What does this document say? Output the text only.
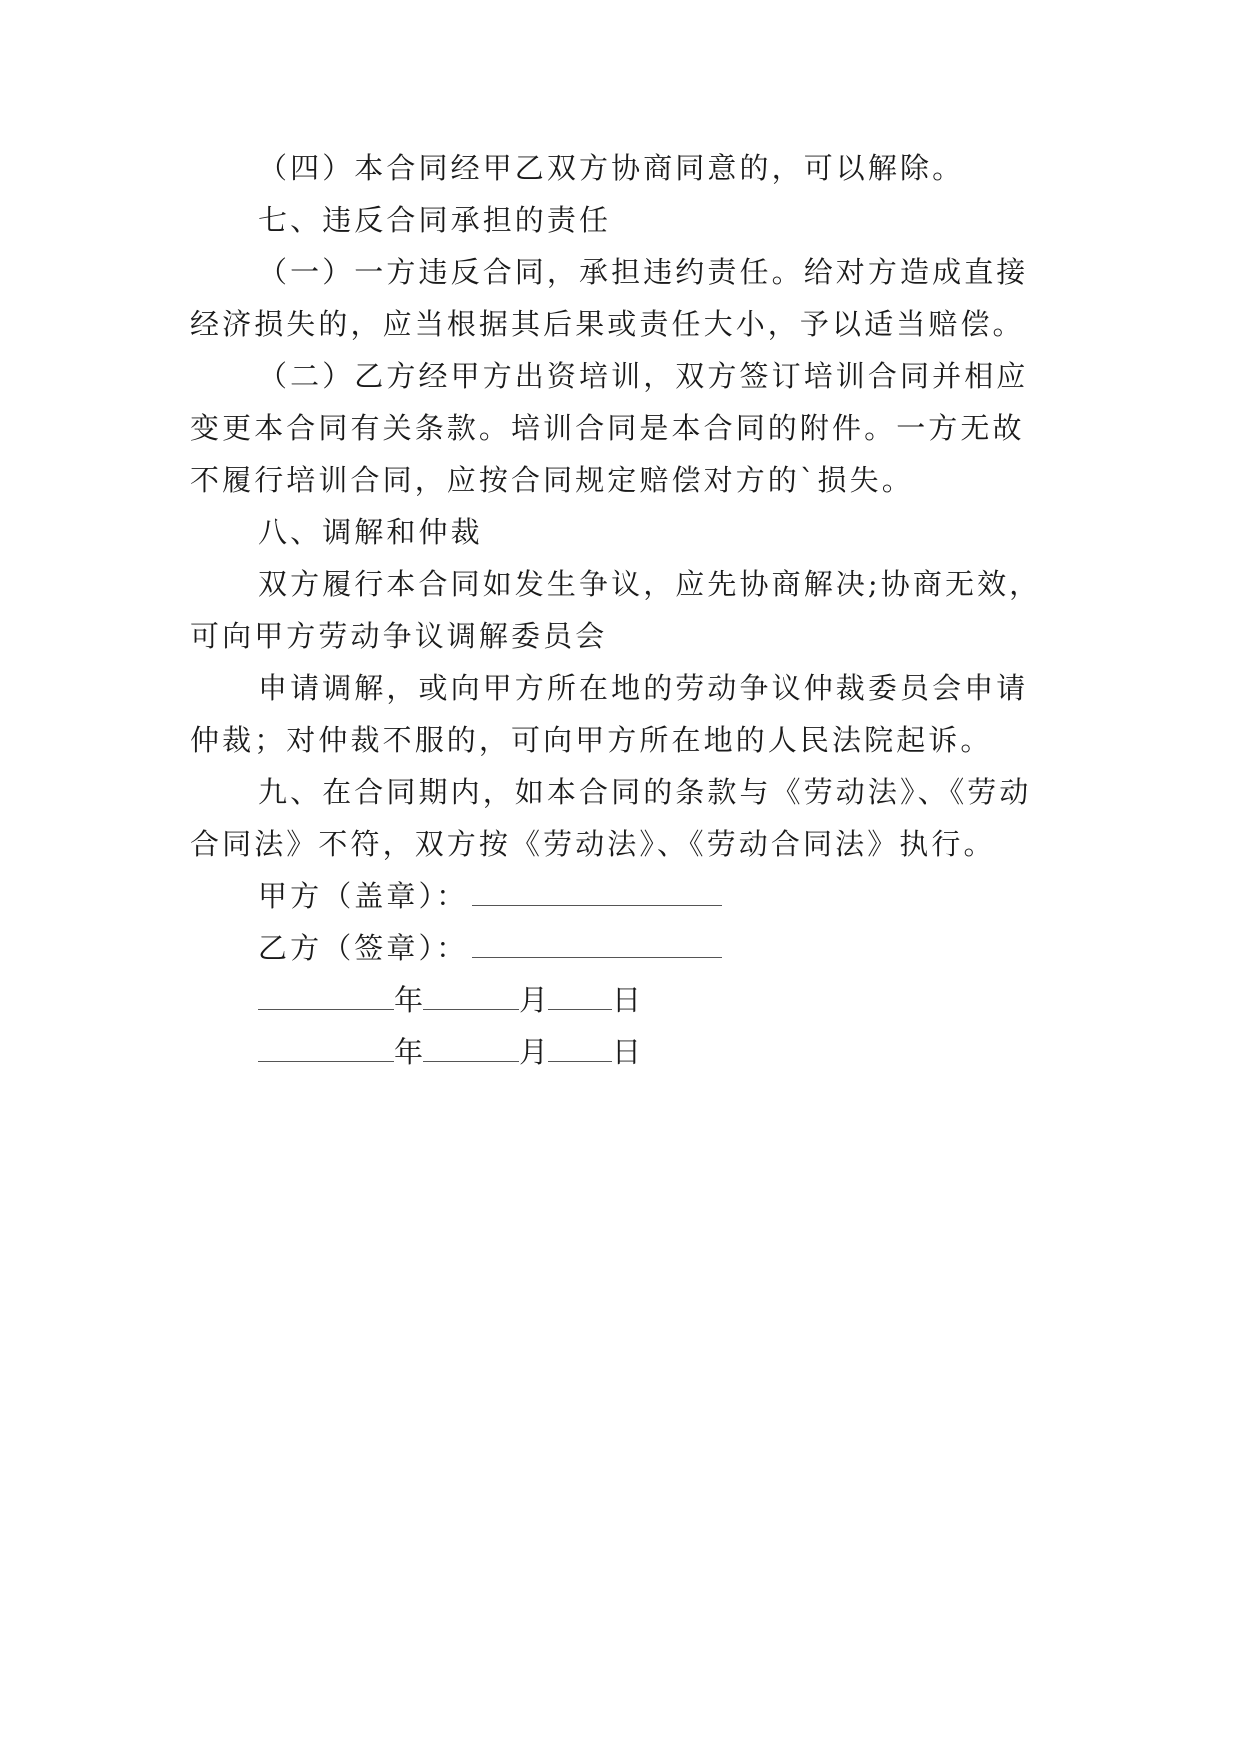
（四）本合同经甲乙双方协商同意的，可以解除。
七、违反合同承担的责任
（一）一方违反合同，承担违约责任。给对方造成直接
经济损失的，应当根据其后果或责任大小，予以适当赔偿。
（二）乙方经甲方出资培训，双方签订培训合同并相应
变更本合同有关条款。培训合同是本合同的附件。一方无故
不履行培训合同，应按合同规定赔偿对方的`损失。
八、调解和仲裁
双方履行本合同如发生争议，应先协商解决;协商无效，
可向甲方劳动争议调解委员会
申请调解，或向甲方所在地的劳动争议仲裁委员会申请
仲裁；对仲裁不服的，可向甲方所在地的人民法院起诉。
九、在合同期内，如本合同的条款与《劳动法》、《劳动
合同法》不符，双方按《劳动法》、《劳动合同法》执行。
甲方（盖章）：
乙方（签章）：
年	月 日
年	月 日
